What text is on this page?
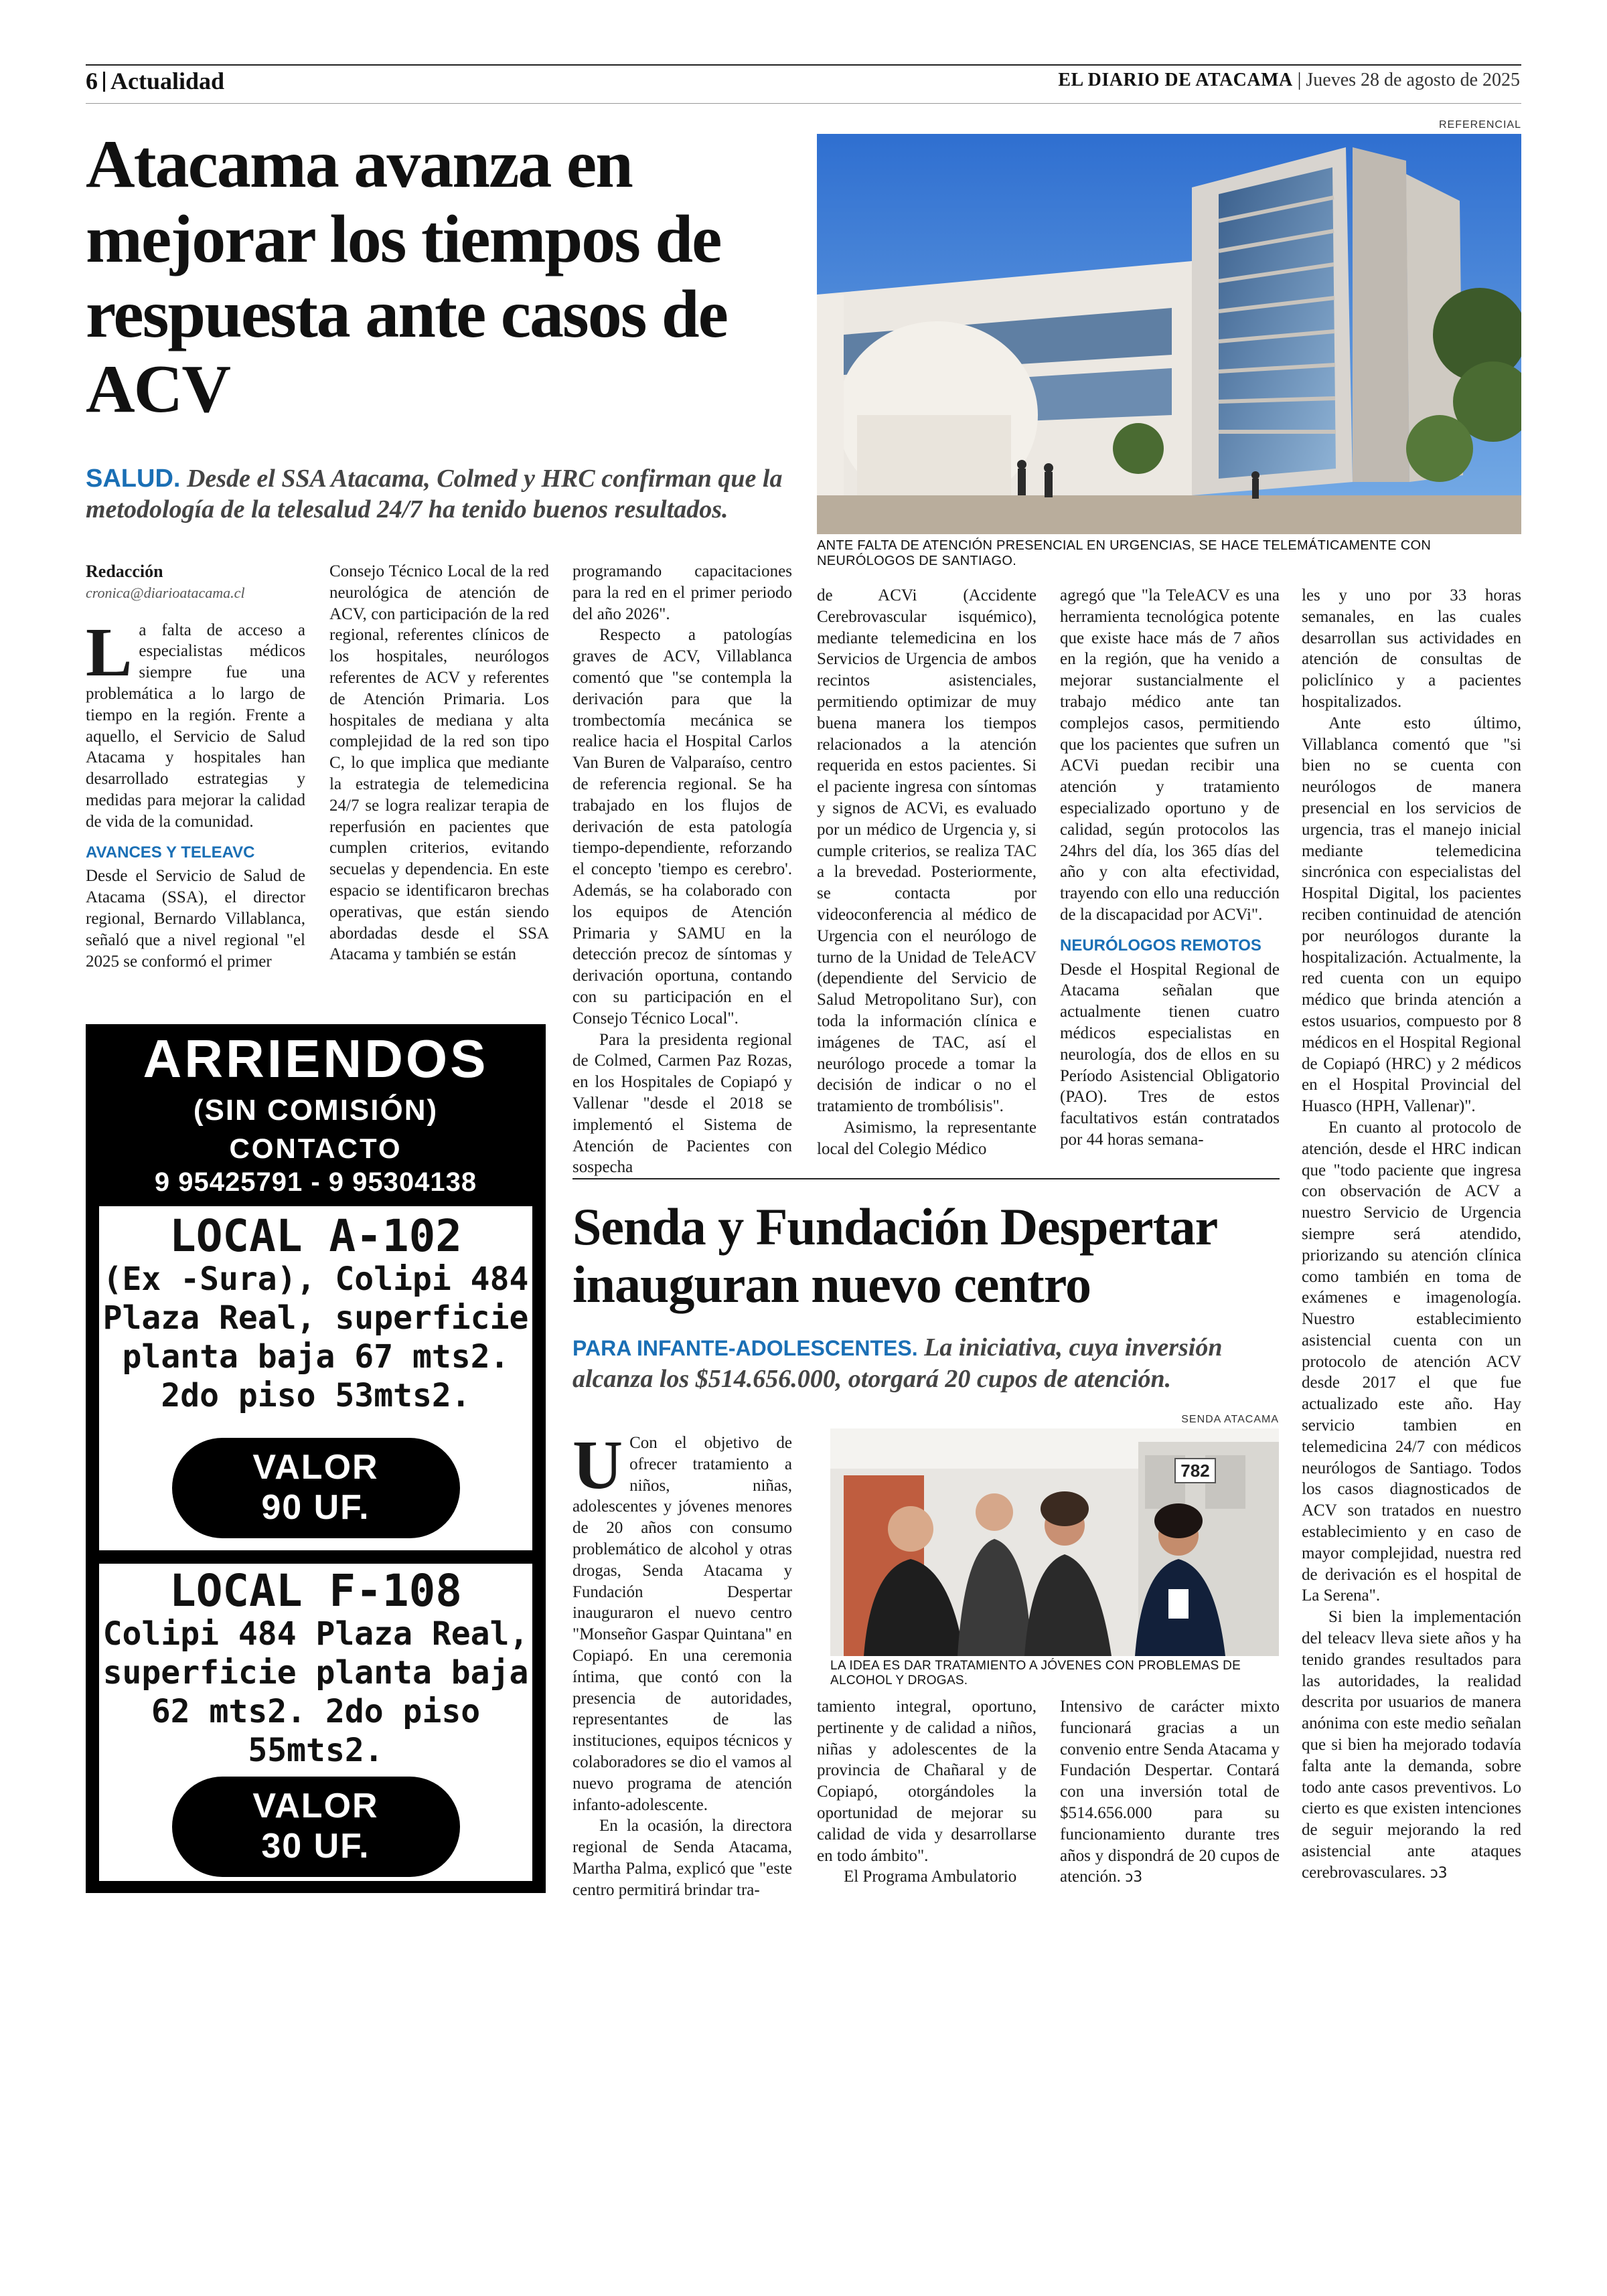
6 Actualidad	EL DIARIO DE ATACAMA | Jueves 28 de agosto de 2025
Atacama avanza en mejorar los tiempos de respuesta ante casos de ACV
SALUD. Desde el SSA Atacama, Colmed y HRC confirman que la metodología de la telesalud 24/7 ha tenido buenos resultados.
REFERENCIAL
ANTE FALTA DE ATENCIÓN PRESENCIAL EN URGENCIAS, SE HACE TELEMÁTICAMENTE CON NEURÓLOGOS DE SANTIAGO.
Redacción
cronica@diarioatacama.cl

La falta de acceso a especialistas médicos siempre fue una problemática a lo largo de tiempo en la región. Frente a aquello, el Servicio de Salud Atacama y hospitales han desarrollado estrategias y medidas para mejorar la calidad de vida de la comunidad.

AVANCES Y TELEAVC

Desde el Servicio de Salud de Atacama (SSA), el director regional, Bernardo Villablanca, señaló que a nivel regional "el 2025 se conformó el primer

Consejo Técnico Local de la red neurológica de atención de ACV, con participación de la red regional, referentes clínicos de los hospitales, neurólogos referentes de ACV y referentes de Atención Primaria. Los hospitales de mediana y alta complejidad de la red son tipo C, lo que implica que mediante la estrategia de telemedicina 24/7 se logra realizar terapia de reperfusión en pacientes que cumplen criterios, evitando secuelas y dependencia. En este espacio se identificaron brechas operativas, que están siendo abordadas desde el SSA Atacama y también se están

programando capacitaciones para la red en el primer periodo del año 2026".

Respecto a patologías graves de ACV, Villablanca comentó que "se contempla la derivación para que la trombectomía mecánica se realice hacia el Hospital Carlos Van Buren de Valparaíso, centro de referencia regional. Se ha trabajado en los flujos de derivación de esta patología tiempo-dependiente, reforzando el concepto 'tiempo es cerebro'. Además, se ha colaborado con los equipos de Atención Primaria y SAMU en la detección precoz de síntomas y derivación oportuna, contando con su participación en el Consejo Técnico Local".

Para la presidenta regional de Colmed, Carmen Paz Rozas, en los Hospitales de Copiapó y Vallenar "desde el 2018 se implementó el Sistema de Atención de Pacientes con sospecha

de ACVi (Accidente Cerebrovascular isquémico), mediante telemedicina en los Servicios de Urgencia de ambos recintos asistenciales, permitiendo optimizar de muy buena manera los tiempos relacionados a la atención requerida en estos pacientes. Si el paciente ingresa con síntomas y signos de ACVi, es evaluado por un médico de Urgencia y, si cumple criterios, se realiza TAC a la brevedad. Posteriormente, se contacta por videoconferencia al médico de Urgencia con el neurólogo de turno de la Unidad de TeleACV (dependiente del Servicio de Salud Metropolitano Sur), con toda la información clínica e imágenes de TAC, así el neurólogo procede a tomar la decisión de indicar o no el tratamiento de trombólisis".

Asimismo, la representante local del Colegio Médico

agregó que "la TeleACV es una herramienta tecnológica potente que existe hace más de 7 años en la región, que ha venido a mejorar sustancialmente el trabajo médico ante tan complejos casos, permitiendo que los pacientes que sufren un ACVi puedan recibir una atención y tratamiento especializado oportuno y de calidad, según protocolos las 24hrs del día, los 365 días del año y con alta efectividad, trayendo con ello una reducción de la discapacidad por ACVi".

NEURÓLOGOS REMOTOS

Desde el Hospital Regional de Atacama señalan que actualmente tienen cuatro médicos especialistas en neurología, dos de ellos en su Período Asistencial Obligatorio (PAO). Tres de estos facultativos están contratados por 44 horas semana-

les y uno por 33 horas semanales, en las cuales desarrollan sus actividades en atención de consultas de policlínico y a pacientes hospitalizados.

Ante esto último, Villablanca comentó que "si bien no se cuenta con neurólogos de manera presencial en los servicios de urgencia, tras el manejo inicial mediante telemedicina sincrónica con especialistas del Hospital Digital, los pacientes reciben continuidad de atención por neurólogos durante la hospitalización. Actualmente, la red cuenta con un equipo médico que brinda atención a estos usuarios, compuesto por 8 médicos en el Hospital Regional de Copiapó (HRC) y 2 médicos en el Hospital Provincial del Huasco (HPH, Vallenar)".

En cuanto al protocolo de atención, desde el HRC indican que "todo paciente que ingresa con observación de ACV a nuestro Servicio de Urgencia siempre será atendido, priorizando su atención clínica como también en toma de exámenes e imagenología. Nuestro establecimiento asistencial cuenta con un protocolo de atención ACV desde 2017 el que fue actualizado este año. Hay servicio tambien en telemedicina 24/7 con médicos neurólogos de Santiago. Todos los casos diagnosticados de ACV son tratados en nuestro establecimiento y en caso de mayor complejidad, nuestra red de derivación es el hospital de La Serena".

Si bien la implementación del teleacv lleva siete años y ha tenido grandes resultados para las autoridades, la realidad descrita por usuarios de manera anónima con este medio señalan que si bien ha mejorado todavía falta ante la demanda, sobre todo ante casos preventivos. Lo cierto es que existen intenciones de seguir mejorando la red asistencial ante ataques cerebrovasculares. ↄ3

ARRIENDOS
(SIN COMISIÓN)
CONTACTO
9 95425791 - 9 95304138
LOCAL A-102
(Ex -Sura), Colipi 484
Plaza Real, superficie
planta baja 67 mts2.
2do piso 53mts2.
VALOR
90 UF.
LOCAL F-108
Colipi 484 Plaza Real,
superficie planta baja
62 mts2. 2do piso
55mts2.
VALOR
30 UF.
Senda y Fundación Despertar inauguran nuevo centro
PARA INFANTE-ADOLESCENTES. La iniciativa, cuya inversión alcanza los $514.656.000, otorgará 20 cupos de atención.
SENDA ATACAMA
782
LA IDEA ES DAR TRATAMIENTO A JÓVENES CON PROBLEMAS DE ALCOHOL Y DROGAS.

U Con el objetivo de ofrecer tratamiento a niños, niñas, adolescentes y jóvenes menores de 20 años con consumo problemático de alcohol y otras drogas, Senda Atacama y Fundación Despertar inauguraron el nuevo centro "Monseñor Gaspar Quintana" en Copiapó. En una ceremonia íntima, que contó con la presencia de autoridades, representantes de las instituciones, equipos técnicos y colaboradores se dio el vamos al nuevo programa de atención infanto-adolescente.

En la ocasión, la directora regional de Senda Atacama, Martha Palma, explicó que "este centro permitirá brindar tra-

tamiento integral, oportuno, pertinente y de calidad a niños, niñas y adolescentes de la provincia de Chañaral y de Copiapó, otorgándoles la oportunidad de mejorar su calidad de vida y desarrollarse en todo ámbito".

El Programa Ambulatorio

Intensivo de carácter mixto funcionará gracias a un convenio entre Senda Atacama y Fundación Despertar. Contará con una inversión total de $514.656.000 para su funcionamiento durante tres años y dispondrá de 20 cupos de atención. ↄ3
